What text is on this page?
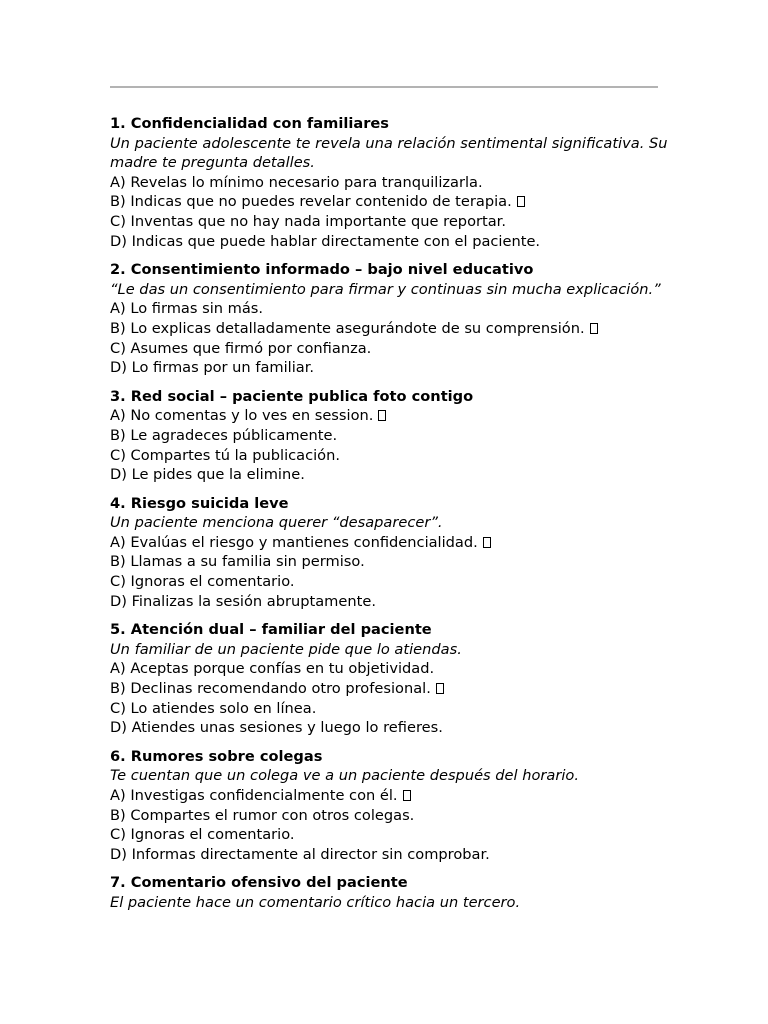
1. Confidencialidad con familiares
Un paciente adolescente te revela una relación sentimental significativa. Su madre te pregunta detalles.
A) Revelas lo mínimo necesario para tranquilizarla.
B) Indicas que no puedes revelar contenido de terapia.
C) Inventas que no hay nada importante que reportar.
D) Indicas que puede hablar directamente con el paciente.
2. Consentimiento informado – bajo nivel educativo
“Le das un consentimiento para firmar y continuas sin mucha explicación.”
A) Lo firmas sin más.
B) Lo explicas detalladamente asegurándote de su comprensión.
C) Asumes que firmó por confianza.
D) Lo firmas por un familiar.
3. Red social – paciente publica foto contigo
A) No comentas y lo ves en session.
B) Le agradeces públicamente.
C) Compartes tú la publicación.
D) Le pides que la elimine.
4. Riesgo suicida leve
Un paciente menciona querer “desaparecer”.
A) Evalúas el riesgo y mantienes confidencialidad.
B) Llamas a su familia sin permiso.
C) Ignoras el comentario.
D) Finalizas la sesión abruptamente.
5. Atención dual – familiar del paciente
Un familiar de un paciente pide que lo atiendas.
A) Aceptas porque confías en tu objetividad.
B) Declinas recomendando otro profesional.
C) Lo atiendes solo en línea.
D) Atiendes unas sesiones y luego lo refieres.
6. Rumores sobre colegas
Te cuentan que un colega ve a un paciente después del horario.
A) Investigas confidencialmente con él.
B) Compartes el rumor con otros colegas.
C) Ignoras el comentario.
D) Informas directamente al director sin comprobar.
7. Comentario ofensivo del paciente
El paciente hace un comentario crítico hacia un tercero.
